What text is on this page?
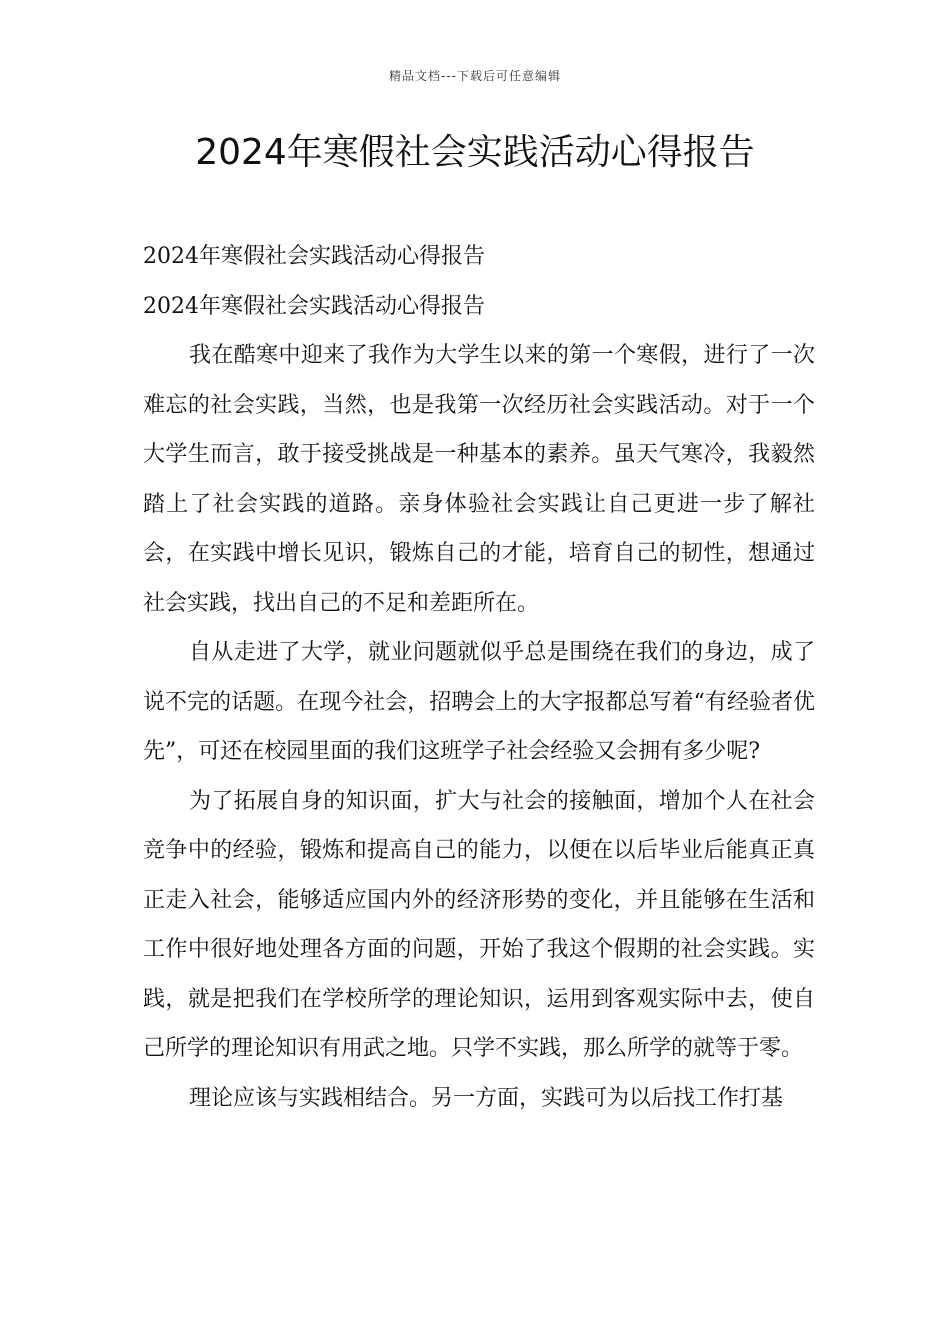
精品文档---下载后可任意编辑
2024年寒假社会实践活动心得报告

2024年寒假社会实践活动心得报告

2024年寒假社会实践活动心得报告

我在酷寒中迎来了我作为大学生以来的第一个寒假，进行了一次难忘的社会实践，当然，也是我第一次经历社会实践活动。对于一个大学生而言，敢于接受挑战是一种基本的素养。虽天气寒冷，我毅然踏上了社会实践的道路。亲身体验社会实践让自己更进一步了解社会，在实践中增长见识，锻炼自己的才能，培育自己的韧性，想通过社会实践，找出自己的不足和差距所在。

自从走进了大学，就业问题就似乎总是围绕在我们的身边，成了说不完的话题。在现今社会，招聘会上的大字报都总写着“有经验者优先”，可还在校园里面的我们这班学子社会经验又会拥有多少呢?

为了拓展自身的知识面，扩大与社会的接触面，增加个人在社会竞争中的经验，锻炼和提高自己的能力，以便在以后毕业后能真正真正走入社会，能够适应国内外的经济形势的变化，并且能够在生活和工作中很好地处理各方面的问题，开始了我这个假期的社会实践。实践，就是把我们在学校所学的理论知识，运用到客观实际中去，使自己所学的理论知识有用武之地。只学不实践，那么所学的就等于零。

理论应该与实践相结合。另一方面，实践可为以后找工作打基
